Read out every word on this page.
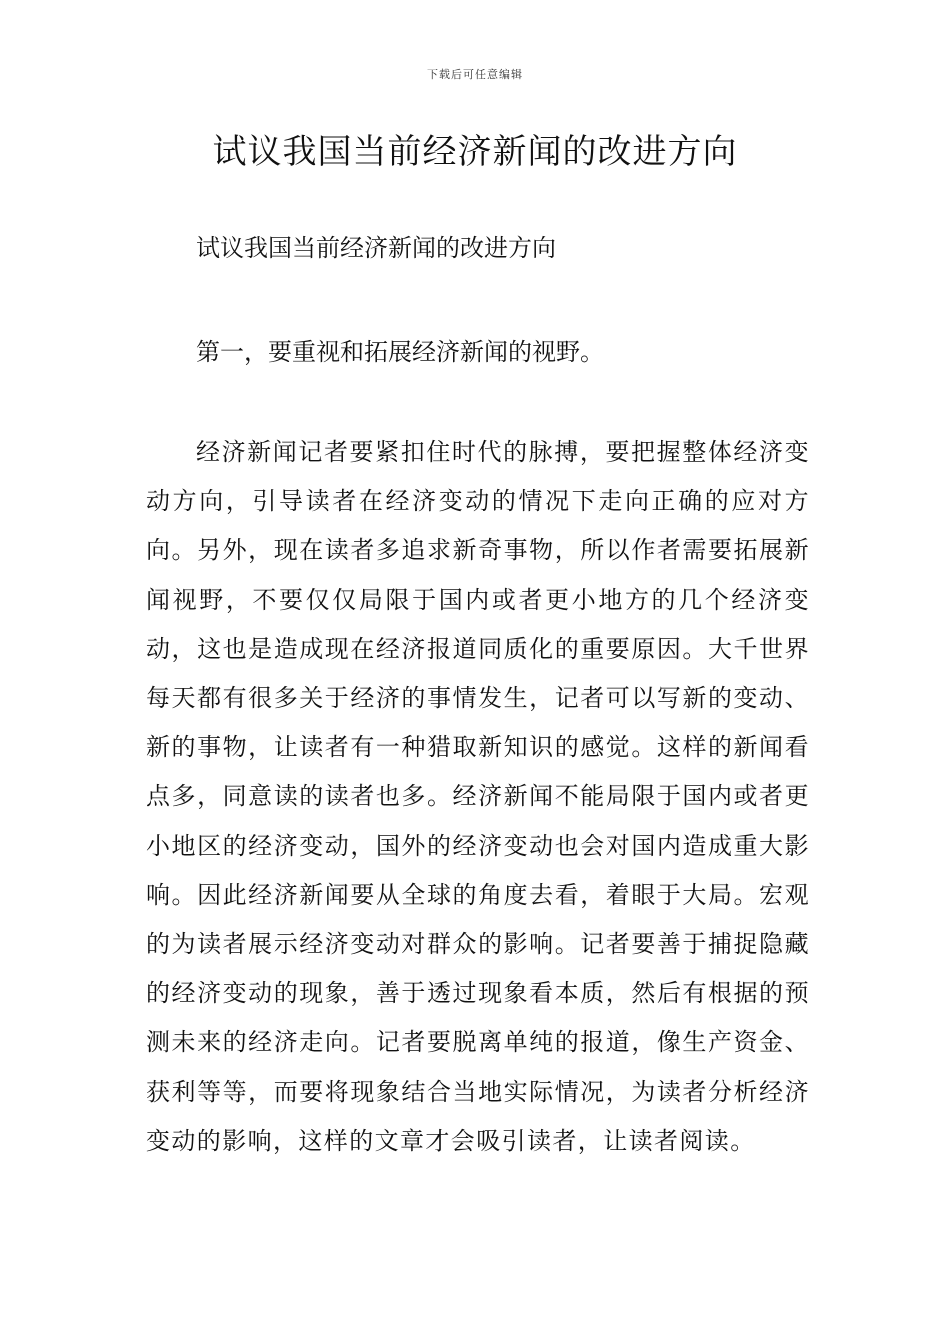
下载后可任意编辑
试议我国当前经济新闻的改进方向

试议我国当前经济新闻的改进方向

第一，要重视和拓展经济新闻的视野。

经济新闻记者要紧扣住时代的脉搏，要把握整体经济变动方向，引导读者在经济变动的情况下走向正确的应对方向。另外，现在读者多追求新奇事物，所以作者需要拓展新闻视野，不要仅仅局限于国内或者更小地方的几个经济变动，这也是造成现在经济报道同质化的重要原因。大千世界每天都有很多关于经济的事情发生，记者可以写新的变动、新的事物，让读者有一种猎取新知识的感觉。这样的新闻看点多，同意读的读者也多。经济新闻不能局限于国内或者更小地区的经济变动，国外的经济变动也会对国内造成重大影响。因此经济新闻要从全球的角度去看，着眼于大局。宏观的为读者展示经济变动对群众的影响。记者要善于捕捉隐藏的经济变动的现象，善于透过现象看本质，然后有根据的预测未来的经济走向。记者要脱离单纯的报道，像生产资金、获利等等，而要将现象结合当地实际情况，为读者分析经济变动的影响，这样的文章才会吸引读者，让读者阅读。
